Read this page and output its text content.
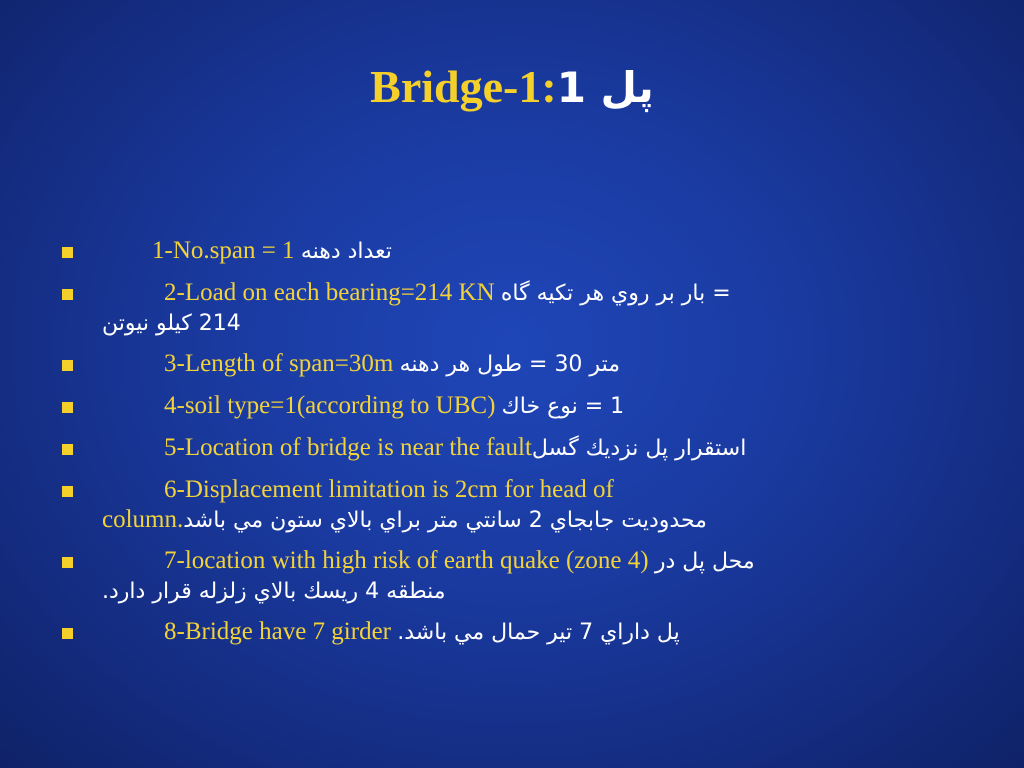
Bridge-1:پل 1
1-No.span = 1 تعداد دهنه
2-Load on each bearing=214 KN = بار بر روي هر تكيه گاه
214 كيلو نيوتن
3-Length of span=30m متر 30 = طول هر دهنه
4-soil type=1(according to UBC) 1 = نوع خاك
5-Location of bridge is near the faultاستقرار پل نزديك گسل
6-Displacement limitation is 2cm for head of
column.محدوديت جابجاي 2 سانتي متر براي بالاي ستون مي باشد
7-location with high risk of earth quake (zone 4) محل پل در
منطقه 4 ريسك بالاي زلزله قرار دارد.
8-Bridge have 7 girder پل داراي 7 تير حمال مي باشد.
